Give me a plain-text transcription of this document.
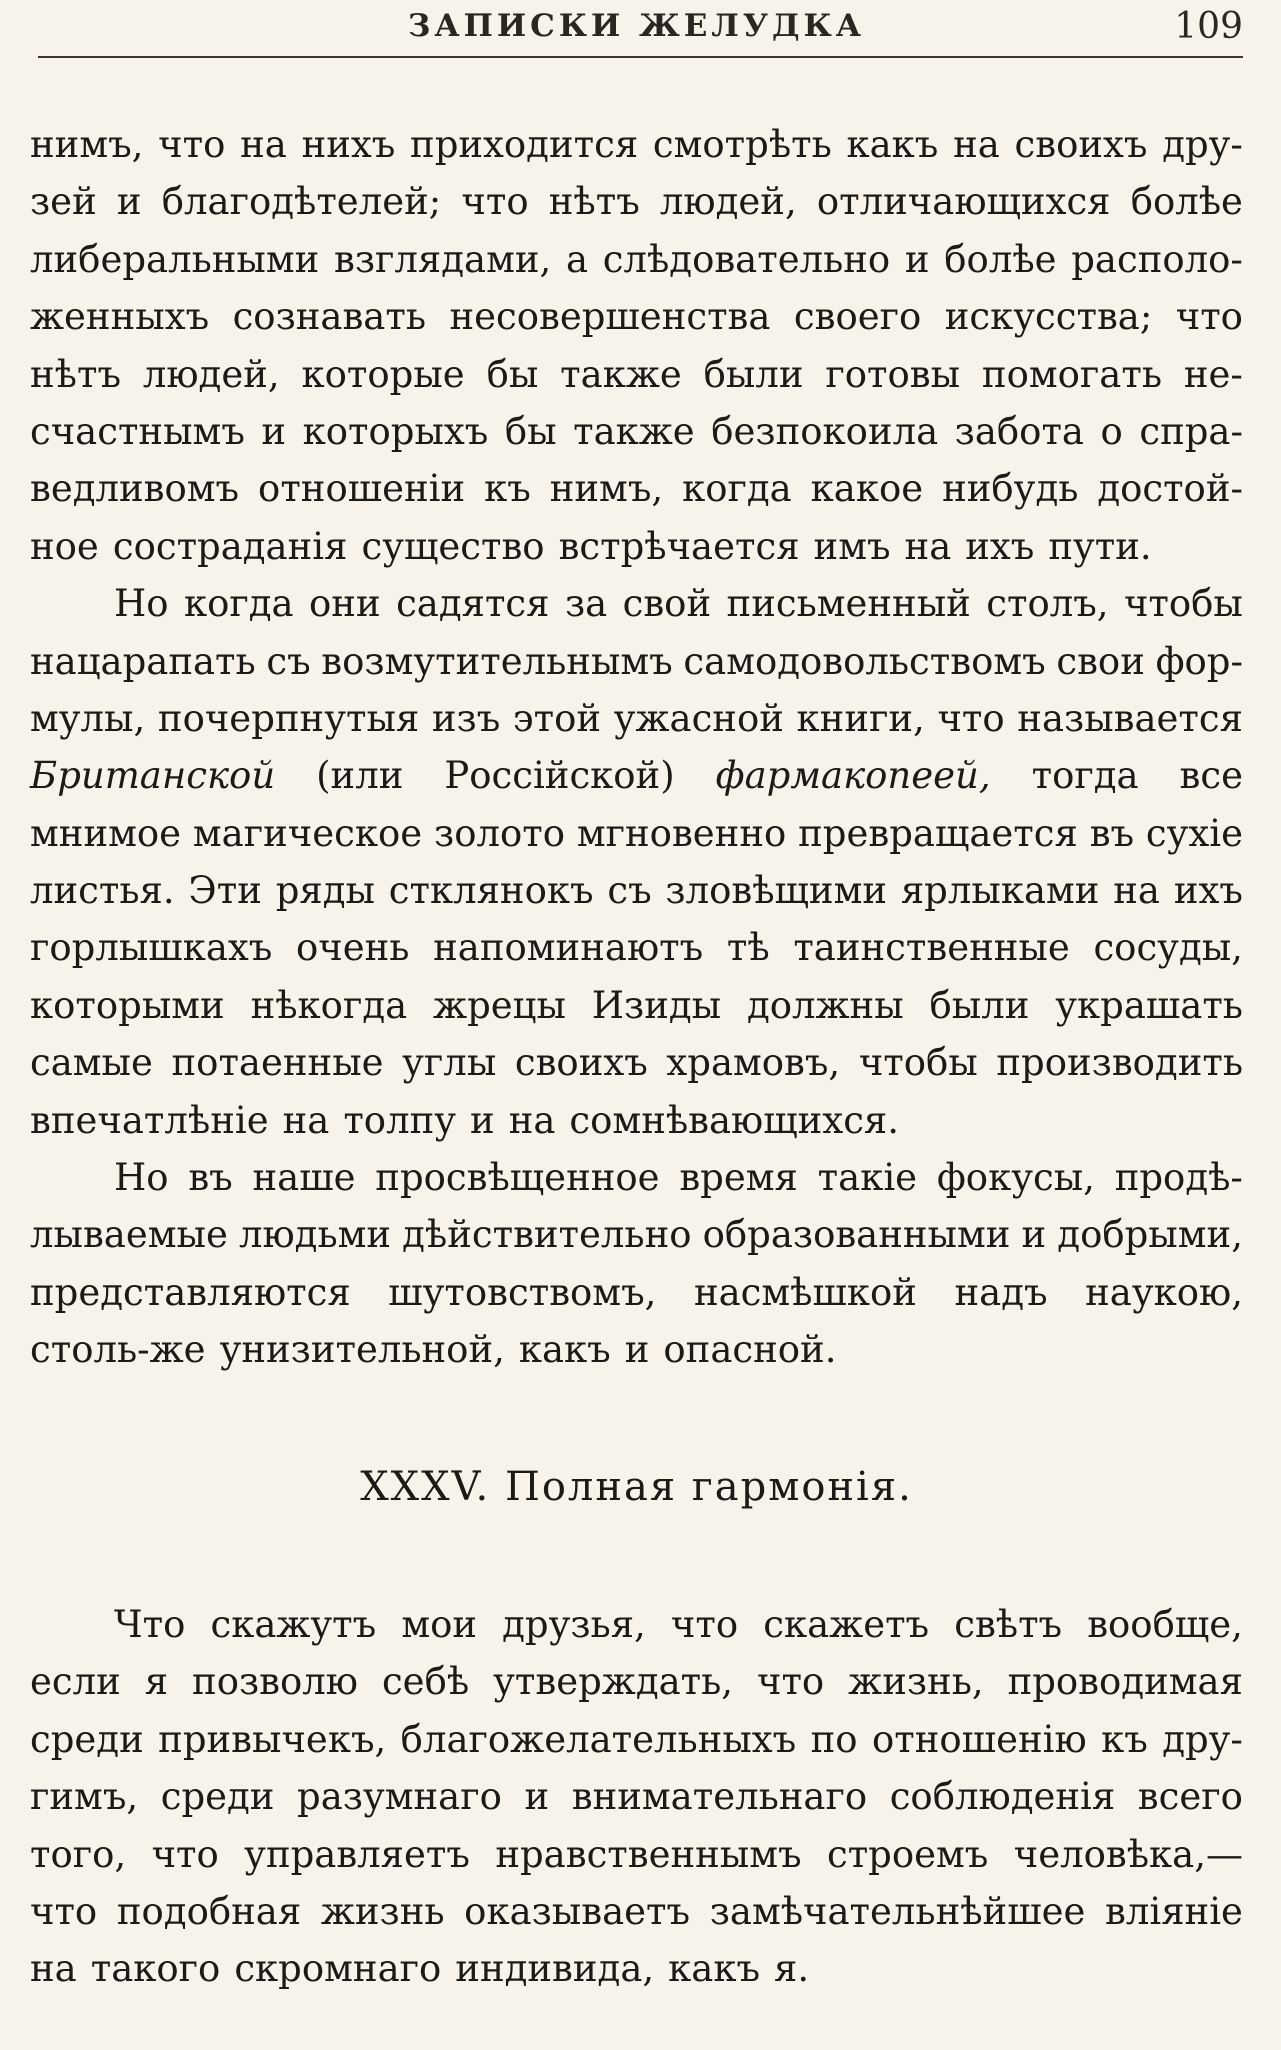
ЗАПИСКИ ЖЕЛУДКА	109
нимъ, что на нихъ приходится смотрѣть какъ на своихъ дру-
зей и благодѣтелей; что нѣтъ людей, отличающихся болѣе
либеральными взглядами, а слѣдовательно и болѣе располо-
женныхъ сознавать несовершенства своего искусства; что
нѣтъ людей, которые бы также были готовы помогать не-
счастнымъ и которыхъ бы также безпокоила забота о спра-
ведливомъ отношеніи къ нимъ, когда какое нибудь достой-
ное состраданія существо встрѣчается имъ на ихъ пути.
Но когда они садятся за свой письменный столъ, чтобы
нацарапать съ возмутительнымъ самодовольствомъ свои фор-
мулы, почерпнутыя изъ этой ужасной книги, что называется
Британской (или Россійской) фармакопеей, тогда все
мнимое магическое золото мгновенно превращается въ сухіе
листья. Эти ряды стклянокъ съ зловѣщими ярлыками на ихъ
горлышкахъ очень напоминаютъ тѣ таинственные сосуды,
которыми нѣкогда жрецы Изиды должны были украшать
самые потаенные углы своихъ храмовъ, чтобы производить
впечатлѣніе на толпу и на сомнѣвающихся.
Но въ наше просвѣщенное время такіе фокусы, продѣ-
лываемые людьми дѣйствительно образованными и добрыми,
представляются шутовствомъ, насмѣшкой надъ наукою,
столь-же унизительной, какъ и опасной.
XXXV. Полная гармонія.
Что скажутъ мои друзья, что скажетъ свѣтъ вообще,
если я позволю себѣ утверждать, что жизнь, проводимая
среди привычекъ, благожелательныхъ по отношенію къ дру-
гимъ, среди разумнаго и внимательнаго соблюденія всего
того, что управляетъ нравственнымъ строемъ человѣка,—
что подобная жизнь оказываетъ замѣчательнѣйшее вліяніе
на такого скромнаго индивида, какъ я.
